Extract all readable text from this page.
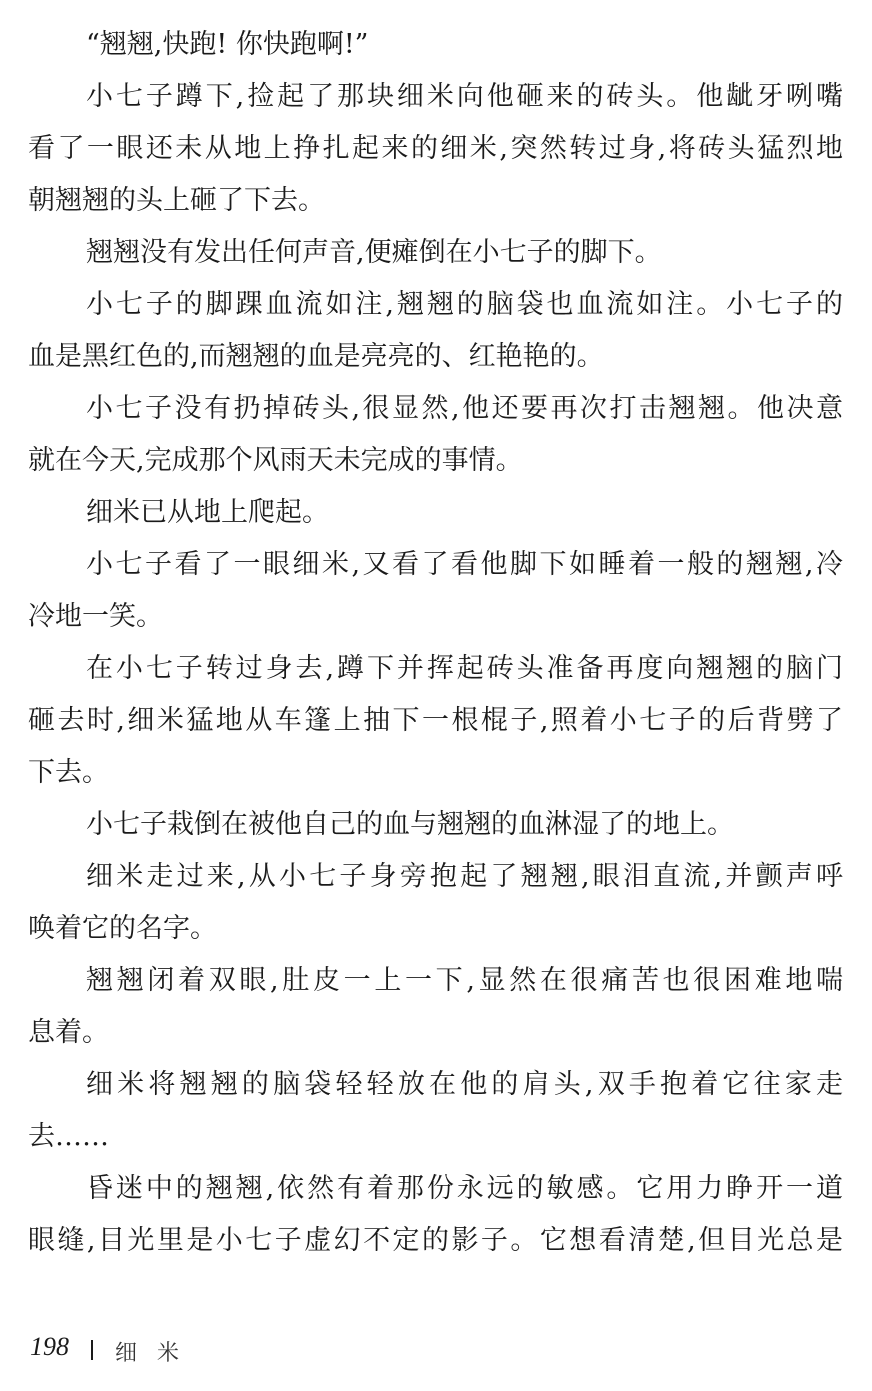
“翘翘,快跑! 你快跑啊!”
小七子蹲下,捡起了那块细米向他砸来的砖头。他龇牙咧嘴
看了一眼还未从地上挣扎起来的细米,突然转过身,将砖头猛烈地
朝翘翘的头上砸了下去。
翘翘没有发出任何声音,便瘫倒在小七子的脚下。
小七子的脚踝血流如注,翘翘的脑袋也血流如注。小七子的
血是黑红色的,而翘翘的血是亮亮的、红艳艳的。
小七子没有扔掉砖头,很显然,他还要再次打击翘翘。他决意
就在今天,完成那个风雨天未完成的事情。
细米已从地上爬起。
小七子看了一眼细米,又看了看他脚下如睡着一般的翘翘,冷
冷地一笑。
在小七子转过身去,蹲下并挥起砖头准备再度向翘翘的脑门
砸去时,细米猛地从车篷上抽下一根棍子,照着小七子的后背劈了
下去。
小七子栽倒在被他自己的血与翘翘的血淋湿了的地上。
细米走过来,从小七子身旁抱起了翘翘,眼泪直流,并颤声呼
唤着它的名字。
翘翘闭着双眼,肚皮一上一下,显然在很痛苦也很困难地喘
息着。
细米将翘翘的脑袋轻轻放在他的肩头,双手抱着它往家走
去……
昏迷中的翘翘,依然有着那份永远的敏感。它用力睁开一道
眼缝,目光里是小七子虚幻不定的影子。它想看清楚,但目光总是
198 细米
